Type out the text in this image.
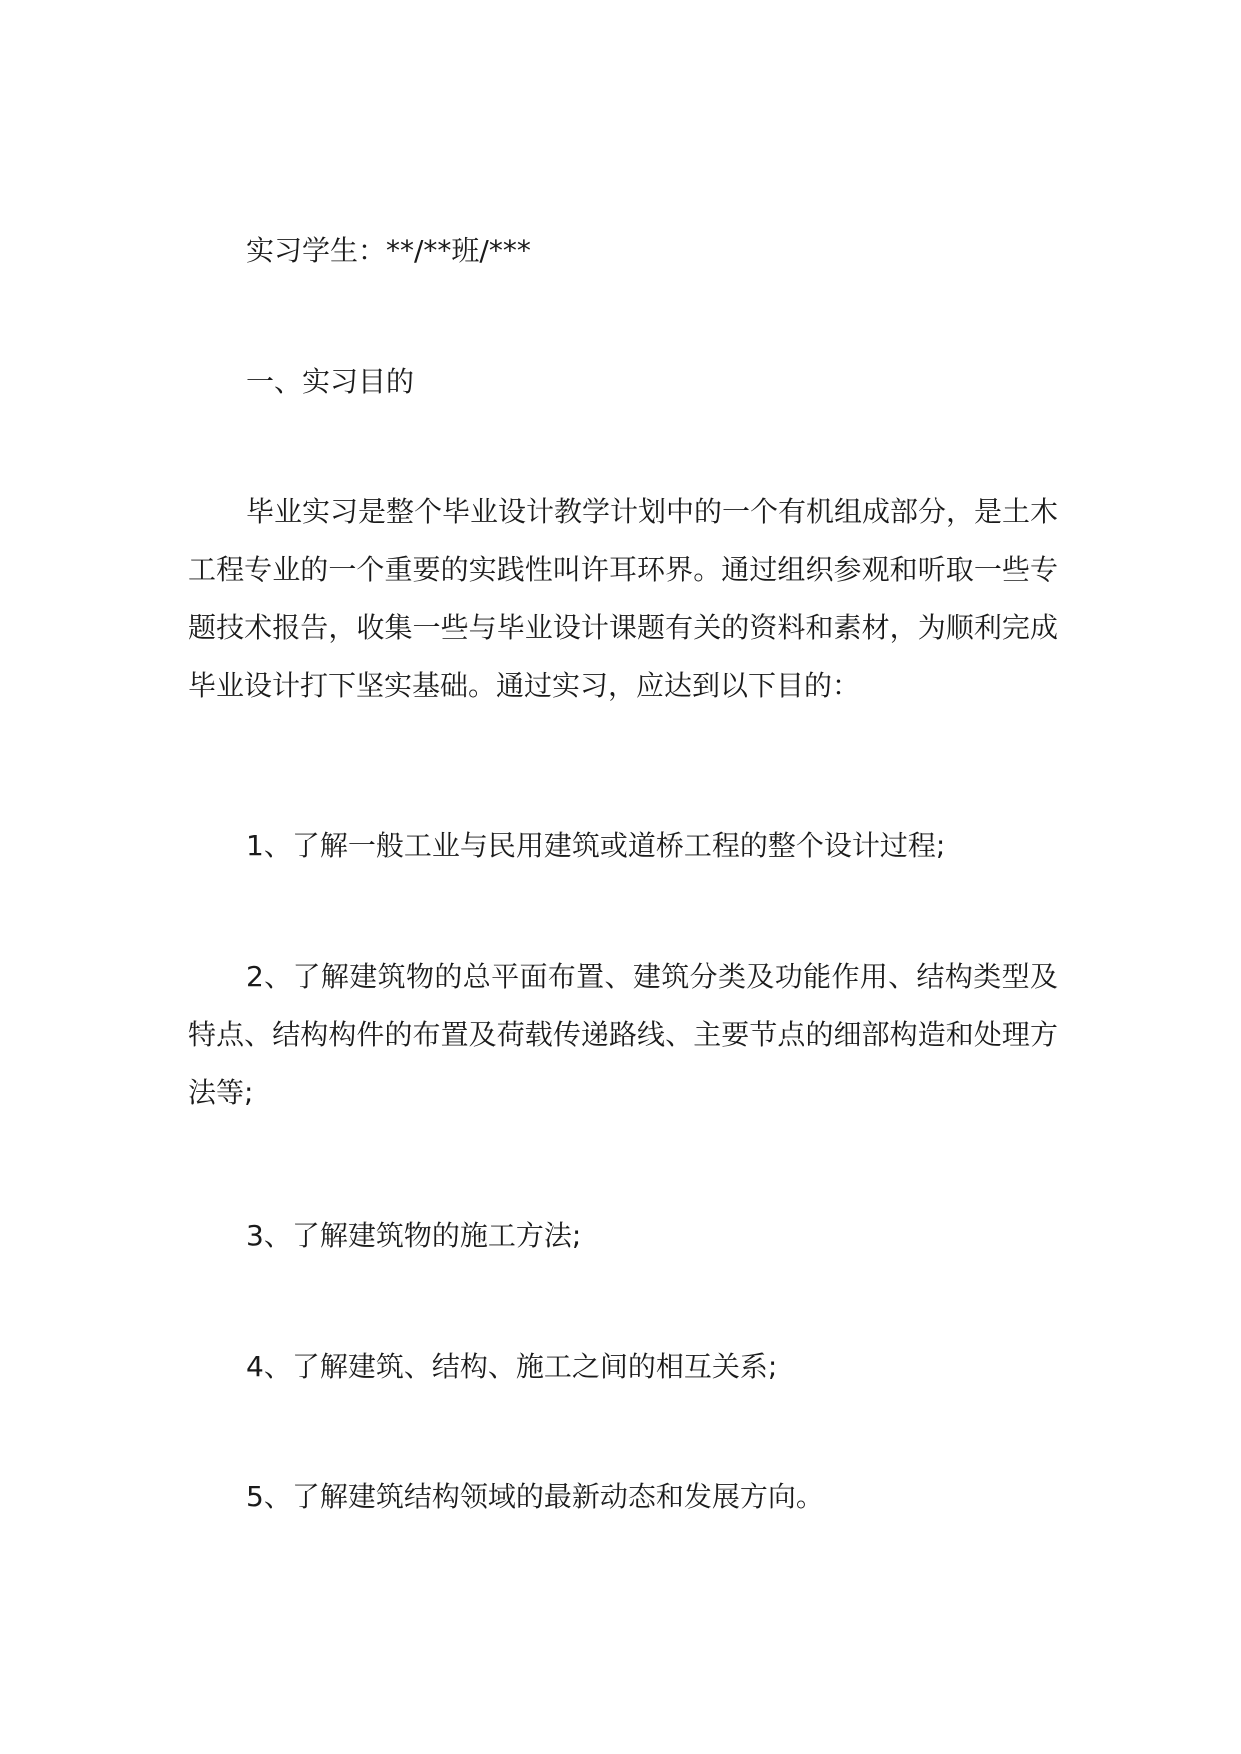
实习学生：**/**班/***

一、实习目的

毕业实习是整个毕业设计教学计划中的一个有机组成部分，是土木工程专业的一个重要的实践性叫许耳环界。通过组织参观和听取一些专题技术报告，收集一些与毕业设计课题有关的资料和素材，为顺利完成毕业设计打下坚实基础。通过实习，应达到以下目的：

1、了解一般工业与民用建筑或道桥工程的整个设计过程;

2、了解建筑物的总平面布置、建筑分类及功能作用、结构类型及特点、结构构件的布置及荷载传递路线、主要节点的细部构造和处理方法等;

3、了解建筑物的施工方法;

4、了解建筑、结构、施工之间的相互关系;

5、了解建筑结构领域的最新动态和发展方向。
